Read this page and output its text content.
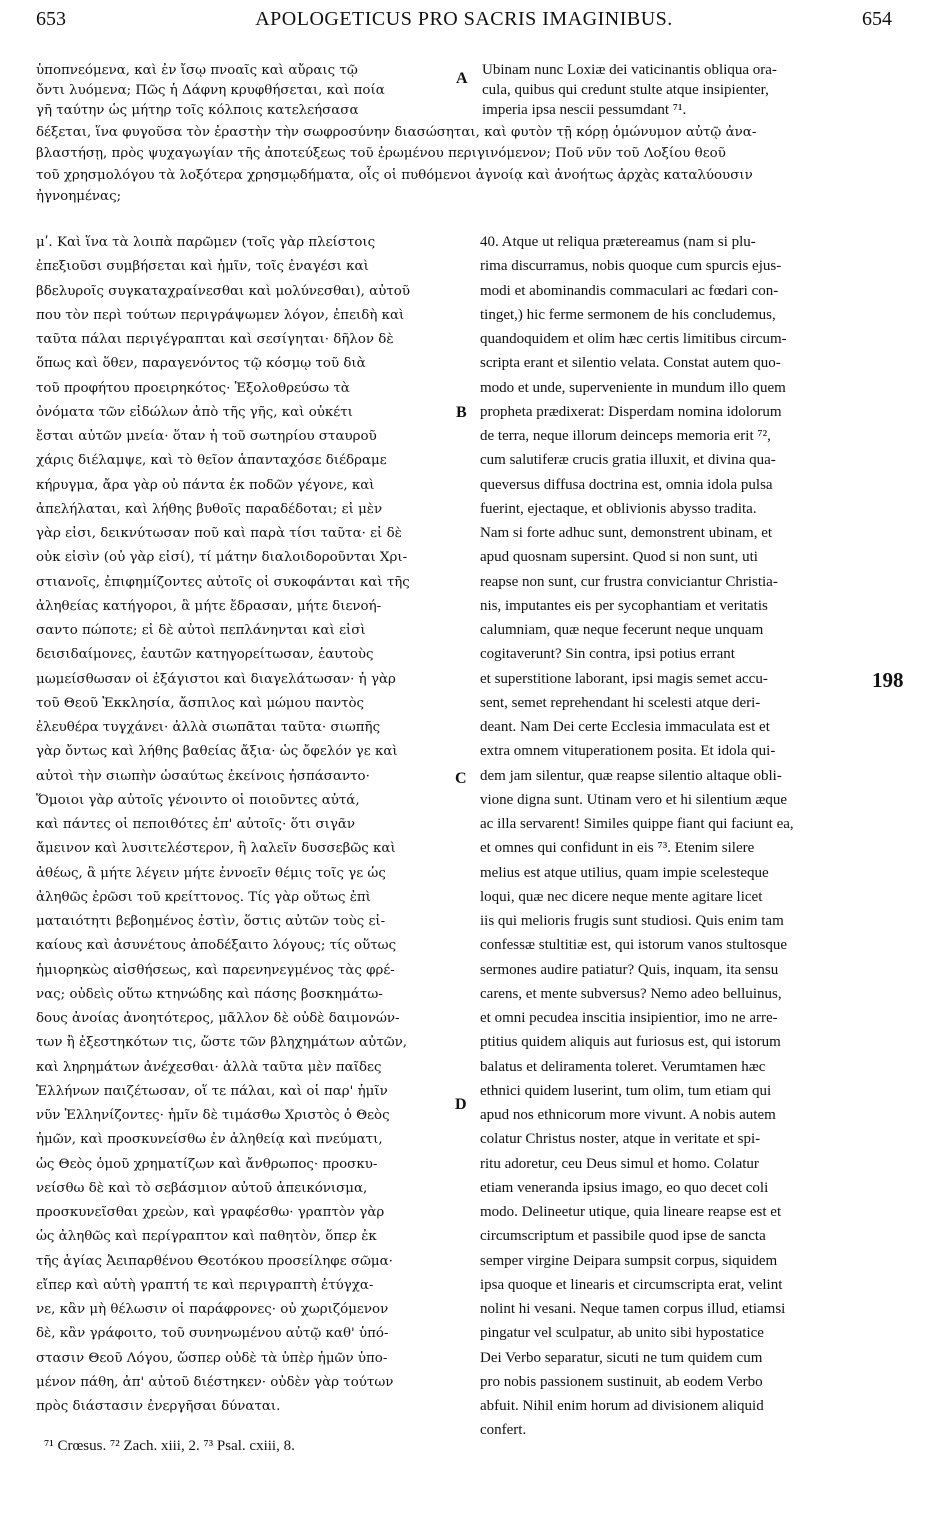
653	APOLOGETICUS PRO SACRIS IMAGINIBUS.	654
ὑποπνεόμενα, καὶ ἐν ἴσῳ πνοαῖς καὶ αὔραις τῷ
ὄντι λυόμενα; Πῶς ἡ Δάφνη κρυφθήσεται, καὶ ποία
γῆ ταύτην ὡς μήτηρ τοῖς κόλποις κατελεήσασα
Ubinam nunc Loxiæ dei vaticinantis obliqua ora-
cula, quibus qui credunt stulte atque insipienter,
imperia ipsa nescii pessumdant ⁷¹.
δέξεται, ἵνα φυγοῦσα τὸν ἐραστὴν τὴν σωφροσύνην διασώσηται, καὶ φυτὸν τῇ κόρῃ ὁμώνυμον αὐτῷ ἀνα-
βλαστήσῃ, πρὸς ψυχαγωγίαν τῆς ἀποτεύξεως τοῦ ἐρωμένου περιγινόμενον; Ποῦ νῦν τοῦ Λοξίου θεοῦ
τοῦ χρησμολόγου τὰ λοξότερα χρησμῳδήματα, οἷς οἱ πυθόμενοι ἀγνοίᾳ καὶ ἀνοήτως ἀρχὰς καταλύουσιν
ἠγνοημένας;
μʹ. Καὶ ἵνα τὰ λοιπὰ παρῶμεν (τοῖς γὰρ πλείστοις
ἐπεξιοῦσι συμβήσεται καὶ ἡμῖν, τοῖς ἐναγέσι καὶ
βδελυροῖς συγκαταχραίνεσθαι καὶ μολύνεσθαι), αὐτοῦ
που τὸν περὶ τούτων περιγράψωμεν λόγον, ἐπειδὴ καὶ
ταῦτα πάλαι περιγέγραπται καὶ σεσίγηται· δῆλον δὲ
ὅπως καὶ ὅθεν, παραγενόντος τῷ κόσμῳ τοῦ διὰ
τοῦ προφήτου προειρηκότος· Ἐξολοθρεύσω τὰ
ὀνόματα τῶν εἰδώλων ἀπὸ τῆς γῆς, καὶ οὐκέτι
ἔσται αὐτῶν μνεία· ὅταν ἡ τοῦ σωτηρίου σταυροῦ
χάρις διέλαμψε, καὶ τὸ θεῖον ἁπανταχόσε διέδραμε
κήρυγμα, ἄρα γὰρ οὐ πάντα ἐκ ποδῶν γέγονε, καὶ
ἀπελήλαται, καὶ λήθης βυθοῖς παραδέδοται; εἰ μὲν
γὰρ εἰσι, δεικνύτωσαν ποῦ καὶ παρὰ τίσι ταῦτα· εἰ δὲ
οὐκ εἰσὶν (οὐ γὰρ εἰσί), τί μάτην διαλοιδοροῦνται Χρι-
στιανοῖς, ἐπιφημίζοντες αὐτοῖς οἱ συκοφάνται καὶ τῆς
ἀληθείας κατήγοροι, ἃ μήτε ἔδρασαν, μήτε διενοή-
σαντο πώποτε; εἰ δὲ αὐτοὶ πεπλάνηνται καὶ εἰσὶ
δεισιδαίμονες, ἑαυτῶν κατηγορείτωσαν, ἑαυτοὺς
μωμείσθωσαν οἱ ἐξάγιστοι καὶ διαγελάτωσαν· ἡ γὰρ
τοῦ Θεοῦ Ἐκκλησία, ἄσπιλος καὶ μώμου παντὸς
ἐλευθέρα τυγχάνει· ἀλλὰ σιωπᾶται ταῦτα· σιωπῆς
γὰρ ὄντως καὶ λήθης βαθείας ἄξια· ὡς ὄφελόν γε καὶ
αὐτοὶ τὴν σιωπὴν ὡσαύτως ἐκείνοις ἠσπάσαντο·
Ὅμοιοι γὰρ αὐτοῖς γένοιντο οἱ ποιοῦντες αὐτά,
καὶ πάντες οἱ πεποιθότες ἐπ' αὐτοῖς· ὅτι σιγᾶν
ἄμεινον καὶ λυσιτελέστερον, ἢ λαλεῖν δυσσεβῶς καὶ
ἀθέως, ἃ μήτε λέγειν μήτε ἐννοεῖν θέμις τοῖς γε ὡς
ἀληθῶς ἐρῶσι τοῦ κρείττονος. Τίς γὰρ οὕτως ἐπὶ
ματαιότητι βεβοημένος ἐστὶν, ὅστις αὐτῶν τοὺς εἰ-
καίους καὶ ἀσυνέτους ἀποδέξαιτο λόγους; τίς οὕτως
ἡμιορηκὼς αἰσθήσεως, καὶ παρενηνεγμένος τὰς φρέ-
νας; οὐδεὶς οὕτω κτηνώδης καὶ πάσης βοσκημάτω-
δους ἀνοίας ἀνοητότερος, μᾶλλον δὲ οὐδὲ δαιμονών-
των ἢ ἐξεστηκότων τις, ὥστε τῶν βληχημάτων αὐτῶν,
καὶ ληρημάτων ἀνέχεσθαι· ἀλλὰ ταῦτα μὲν παῖδες
Ἑλλήνων παιζέτωσαν, οἵ τε πάλαι, καὶ οἱ παρ' ἡμῖν
νῦν Ἑλληνίζοντες· ἡμῖν δὲ τιμάσθω Χριστὸς ὁ Θεὸς
ἡμῶν, καὶ προσκυνείσθω ἐν ἀληθείᾳ καὶ πνεύματι,
ὡς Θεὸς ὁμοῦ χρηματίζων καὶ ἄνθρωπος· προσκυ-
νείσθω δὲ καὶ τὸ σεβάσμιον αὐτοῦ ἀπεικόνισμα,
προσκυνεῖσθαι χρεὼν, καὶ γραφέσθω· γραπτὸν γὰρ
ὡς ἀληθῶς καὶ περίγραπτον καὶ παθητὸν, ὅπερ ἐκ
τῆς ἁγίας Ἀειπαρθένου Θεοτόκου προσείληφε σῶμα·
εἴπερ καὶ αὐτὴ γραπτή τε καὶ περιγραπτὴ ἐτύγχα-
νε, κἂν μὴ θέλωσιν οἱ παράφρονες· οὐ χωριζόμενον
δὲ, κἂν γράφοιτο, τοῦ συνηνωμένου αὐτῷ καθ' ὑπό-
στασιν Θεοῦ Λόγου, ὥσπερ οὐδὲ τὰ ὑπὲρ ἡμῶν ὑπο-
μένον πάθη, ἀπ' αὐτοῦ διέστηκεν· οὐδὲν γὰρ τούτων
πρὸς διάστασιν ἐνεργῆσαι δύναται.
40. Atque ut reliqua prætereamus (nam si plu-
rima discurramus, nobis quoque cum spurcis ejus-
modi et abominandis commaculari ac fœdari con-
tinget,) hic ferme sermonem de his concludemus,
quandoquidem et olim hæc certis limitibus circum-
scripta erant et silentio velata. Constat autem quo-
modo et unde, superveniente in mundum illo quem
propheta prædixerat: Disperdam nomina idolorum
de terra, neque illorum deinceps memoria erit ⁷²,
cum salutiferæ crucis gratia illuxit, et divina qua-
queversus diffusa doctrina est, omnia idola pulsa
fuerint, ejectaque, et oblivionis abysso tradita.
Nam si forte adhuc sunt, demonstrent ubinam, et
apud quosnam supersint. Quod si non sunt, uti
reapse non sunt, cur frustra conviciantur Christia-
nis, imputantes eis per sycophantiam et veritatis
calumniam, quæ neque fecerunt neque unquam
cogitaverunt? Sin contra, ipsi potius errant
et superstitione laborant, ipsi magis semet accu-
sent, semet reprehendant hi scelesti atque deri-
deant. Nam Dei certe Ecclesia immaculata est et
extra omnem vituperationem posita. Et idola qui-
dem jam silentur, quæ reapse silentio altaque obli-
vione digna sunt. Utinam vero et hi silentium æque
ac illa servarent! Similes quippe fiant qui faciunt ea,
et omnes qui confidunt in eis ⁷³. Etenim silere
melius est atque utilius, quam impie scelesteque
loqui, quæ nec dicere neque mente agitare licet
iis qui melioris frugis sunt studiosi. Quis enim tam
confessæ stultitiæ est, qui istorum vanos stultosque
sermones audire patiatur? Quis, inquam, ita sensu
carens, et mente subversus? Nemo adeo belluinus,
et omni pecudea inscitia insipientior, imo ne arre-
ptitius quidem aliquis aut furiosus est, qui istorum
balatus et deliramenta toleret. Verumtamen hæc
ethnici quidem luserint, tum olim, tum etiam qui
apud nos ethnicorum more vivunt. A nobis autem
colatur Christus noster, atque in veritate et spi-
ritu adoretur, ceu Deus simul et homo. Colatur
etiam veneranda ipsius imago, eo quo decet coli
modo. Delineetur utique, quia lineare reapse est et
circumscriptum et passibile quod ipse de sancta
semper virgine Deipara sumpsit corpus, siquidem
ipsa quoque et linearis et circumscripta erat, velint
nolint hi vesani. Neque tamen corpus illud, etiamsi
pingatur vel sculpatur, ab unito sibi hypostatice
Dei Verbo separatur, sicuti ne tum quidem cum
pro nobis passionem sustinuit, ab eodem Verbo
abfuit. Nihil enim horum ad divisionem aliquid
confert.
A
B
C
D
198
⁷¹ Crœsus. ⁷² Zach. xiii, 2. ⁷³ Psal. cxiii, 8.
